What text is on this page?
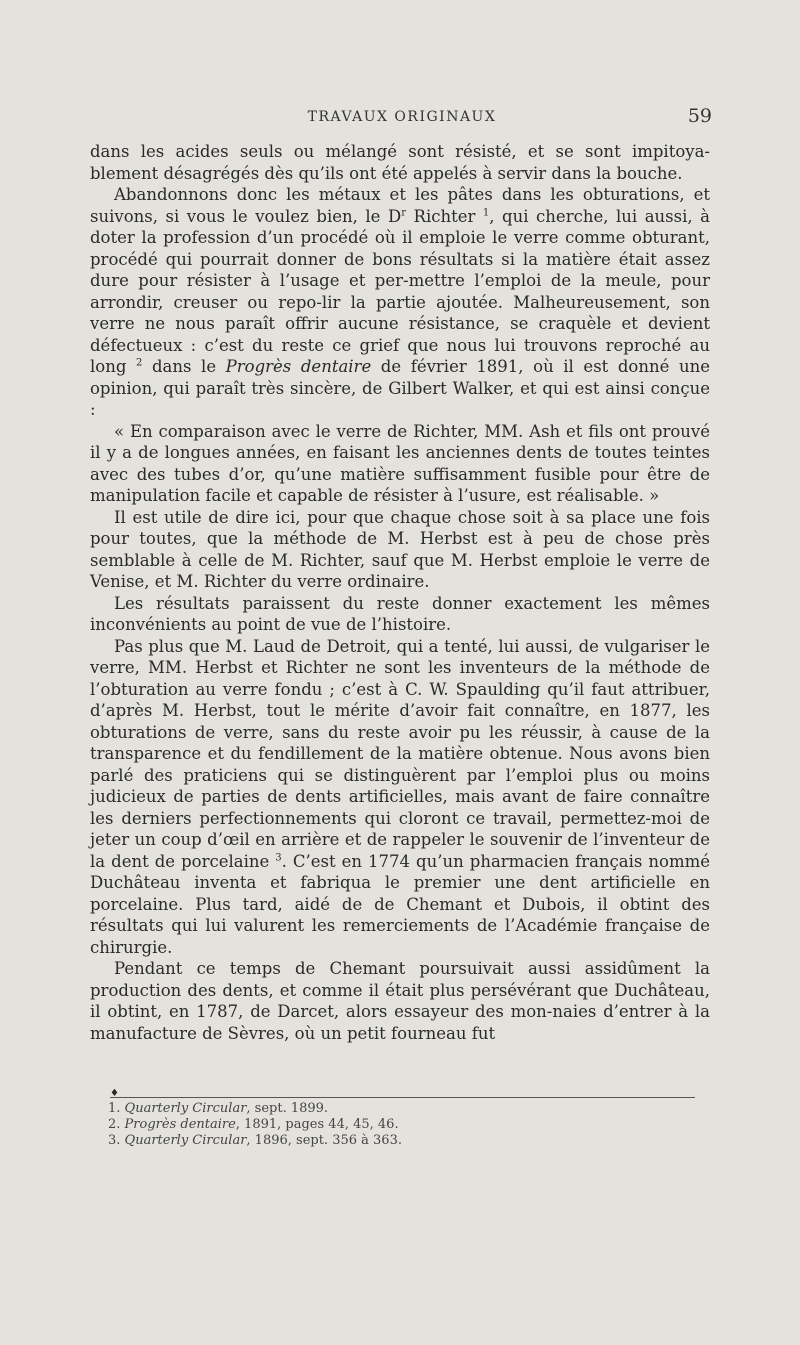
TRAVAUX ORIGINAUX	59

dans les acides seuls ou mélangé sont résisté, et se sont impitoya-blement désagrégés dès qu’ils ont été appelés à servir dans la bouche.

Abandonnons donc les métaux et les pâtes dans les obturations, et suivons, si vous le voulez bien, le $D^r$ Richter $^1$, qui cherche, lui aussi, à doter la profession d’un procédé où il emploie le verre comme obturant, procédé qui pourrait donner de bons résultats si la matière était assez dure pour résister à l’usage et per-mettre l’emploi de la meule, pour arrondir, creuser ou repo-lir la partie ajoutée. Malheureusement, son verre ne nous paraît offrir aucune résistance, se craquèle et devient défectueux : c’est du reste ce grief que nous lui trouvons reproché au long $^2$ dans le Progrès dentaire de février 1891, où il est donné une opinion, qui paraît très sincère, de Gilbert Walker, et qui est ainsi conçue :

« En comparaison avec le verre de Richter, MM. Ash et fils ont prouvé il y a de longues années, en faisant les anciennes dents de toutes teintes avec des tubes d’or, qu’une matière suffisamment fusible pour être de manipulation facile et capable de résister à l’usure, est réalisable. »

Il est utile de dire ici, pour que chaque chose soit à sa place une fois pour toutes, que la méthode de M. Herbst est à peu de chose près semblable à celle de M. Richter, sauf que M. Herbst emploie le verre de Venise, et M. Richter du verre ordinaire.

Les résultats paraissent du reste donner exactement les mêmes inconvénients au point de vue de l’histoire.

Pas plus que M. Laud de Detroit, qui a tenté, lui aussi, de vulgariser le verre, MM. Herbst et Richter ne sont les inventeurs de la méthode de l’obturation au verre fondu ; c’est à C. W. Spaulding qu’il faut attribuer, d’après M. Herbst, tout le mérite d’avoir fait connaître, en 1877, les obturations de verre, sans du reste avoir pu les réussir, à cause de la transparence et du fendillement de la matière obtenue. Nous avons bien parlé des praticiens qui se distinguèrent par l’emploi plus ou moins judicieux de parties de dents artificielles, mais avant de faire connaître les derniers perfectionnements qui cloront ce travail, permettez-moi de jeter un coup d’œil en arrière et de rappeler le souvenir de l’inventeur de la dent de porcelaine $^3$. C’est en 1774 qu’un pharmacien français nommé Duchâteau inventa et fabriqua le premier une dent artificielle en porcelaine. Plus tard, aidé de de Chemant et Dubois, il obtint des résultats qui lui valurent les remerciements de l’Académie française de chirurgie.

Pendant ce temps de Chemant poursuivait aussi assidûment la production des dents, et comme il était plus persévérant que Duchâteau, il obtint, en 1787, de Darcet, alors essayeur des mon-naies d’entrer à la manufacture de Sèvres, où un petit fourneau fut

♦
1. Quarterly Circular, sept. 1899.
2. Progrès dentaire, 1891, pages 44, 45, 46.
3. Quarterly Circular, 1896, sept. 356 à 363.
